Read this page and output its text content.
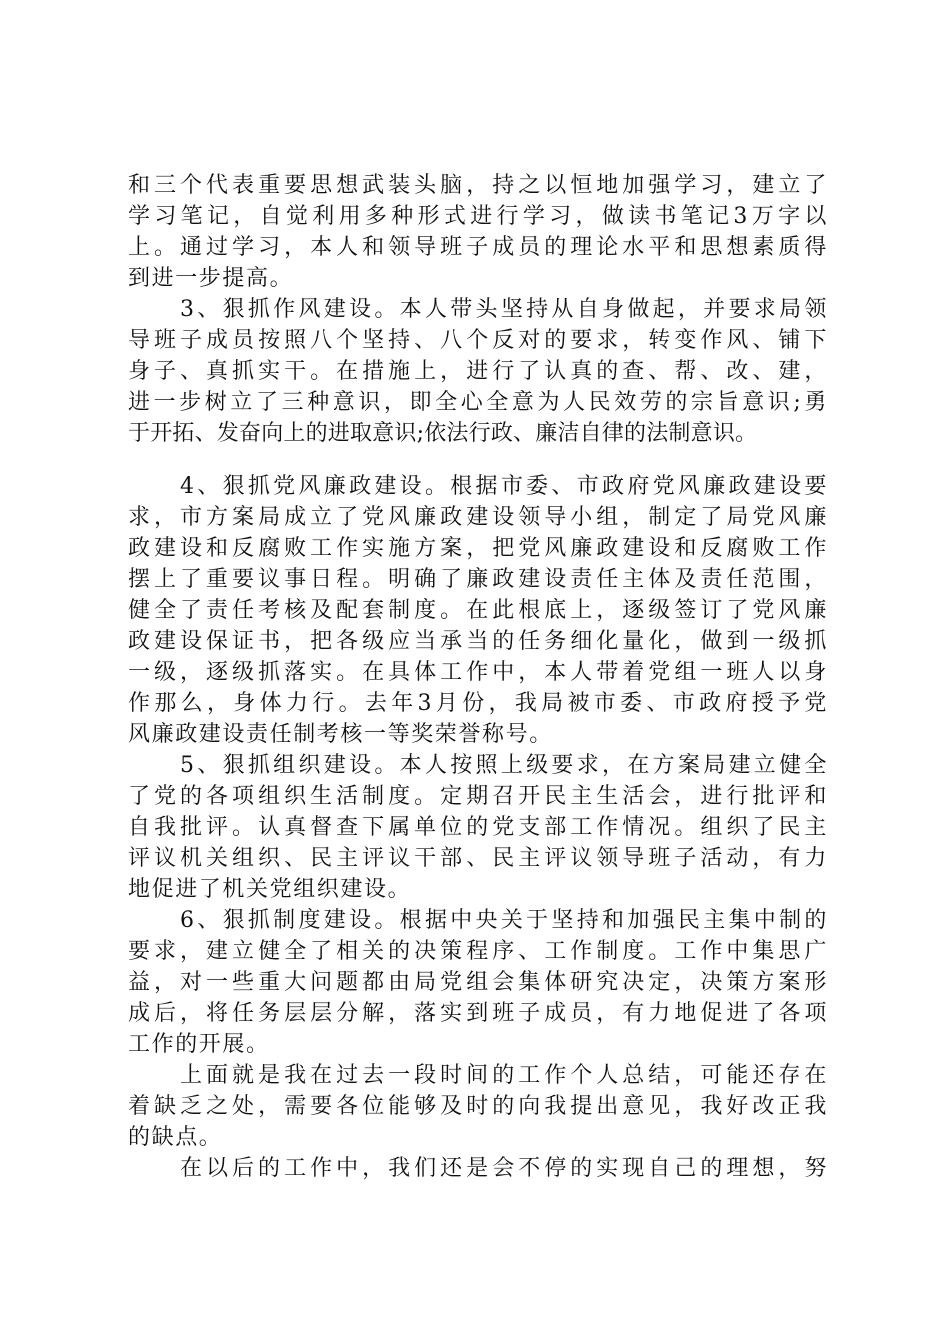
和三个代表重要思想武装头脑，持之以恒地加强学习，建立了
学习笔记，自觉利用多种形式进行学习，做读书笔记3万字以
上。通过学习，本人和领导班子成员的理论水平和思想素质得
到进一步提高。
3、狠抓作风建设。本人带头坚持从自身做起，并要求局领
导班子成员按照八个坚持、八个反对的要求，转变作风、铺下
身子、真抓实干。在措施上，进行了认真的查、帮、改、建，
进一步树立了三种意识，即全心全意为人民效劳的宗旨意识;勇
于开拓、发奋向上的进取意识;依法行政、廉洁自律的法制意识。
4、狠抓党风廉政建设。根据市委、市政府党风廉政建设要
求，市方案局成立了党风廉政建设领导小组，制定了局党风廉
政建设和反腐败工作实施方案，把党风廉政建设和反腐败工作
摆上了重要议事日程。明确了廉政建设责任主体及责任范围，
健全了责任考核及配套制度。在此根底上，逐级签订了党风廉
政建设保证书，把各级应当承当的任务细化量化，做到一级抓
一级，逐级抓落实。在具体工作中，本人带着党组一班人以身
作那么，身体力行。去年3月份，我局被市委、市政府授予党
风廉政建设责任制考核一等奖荣誉称号。
5、狠抓组织建设。本人按照上级要求，在方案局建立健全
了党的各项组织生活制度。定期召开民主生活会，进行批评和
自我批评。认真督查下属单位的党支部工作情况。组织了民主
评议机关组织、民主评议干部、民主评议领导班子活动，有力
地促进了机关党组织建设。
6、狠抓制度建设。根据中央关于坚持和加强民主集中制的
要求，建立健全了相关的决策程序、工作制度。工作中集思广
益，对一些重大问题都由局党组会集体研究决定，决策方案形
成后，将任务层层分解，落实到班子成员，有力地促进了各项
工作的开展。
上面就是我在过去一段时间的工作个人总结，可能还存在
着缺乏之处，需要各位能够及时的向我提出意见，我好改正我
的缺点。
在以后的工作中，我们还是会不停的实现自己的理想，努
